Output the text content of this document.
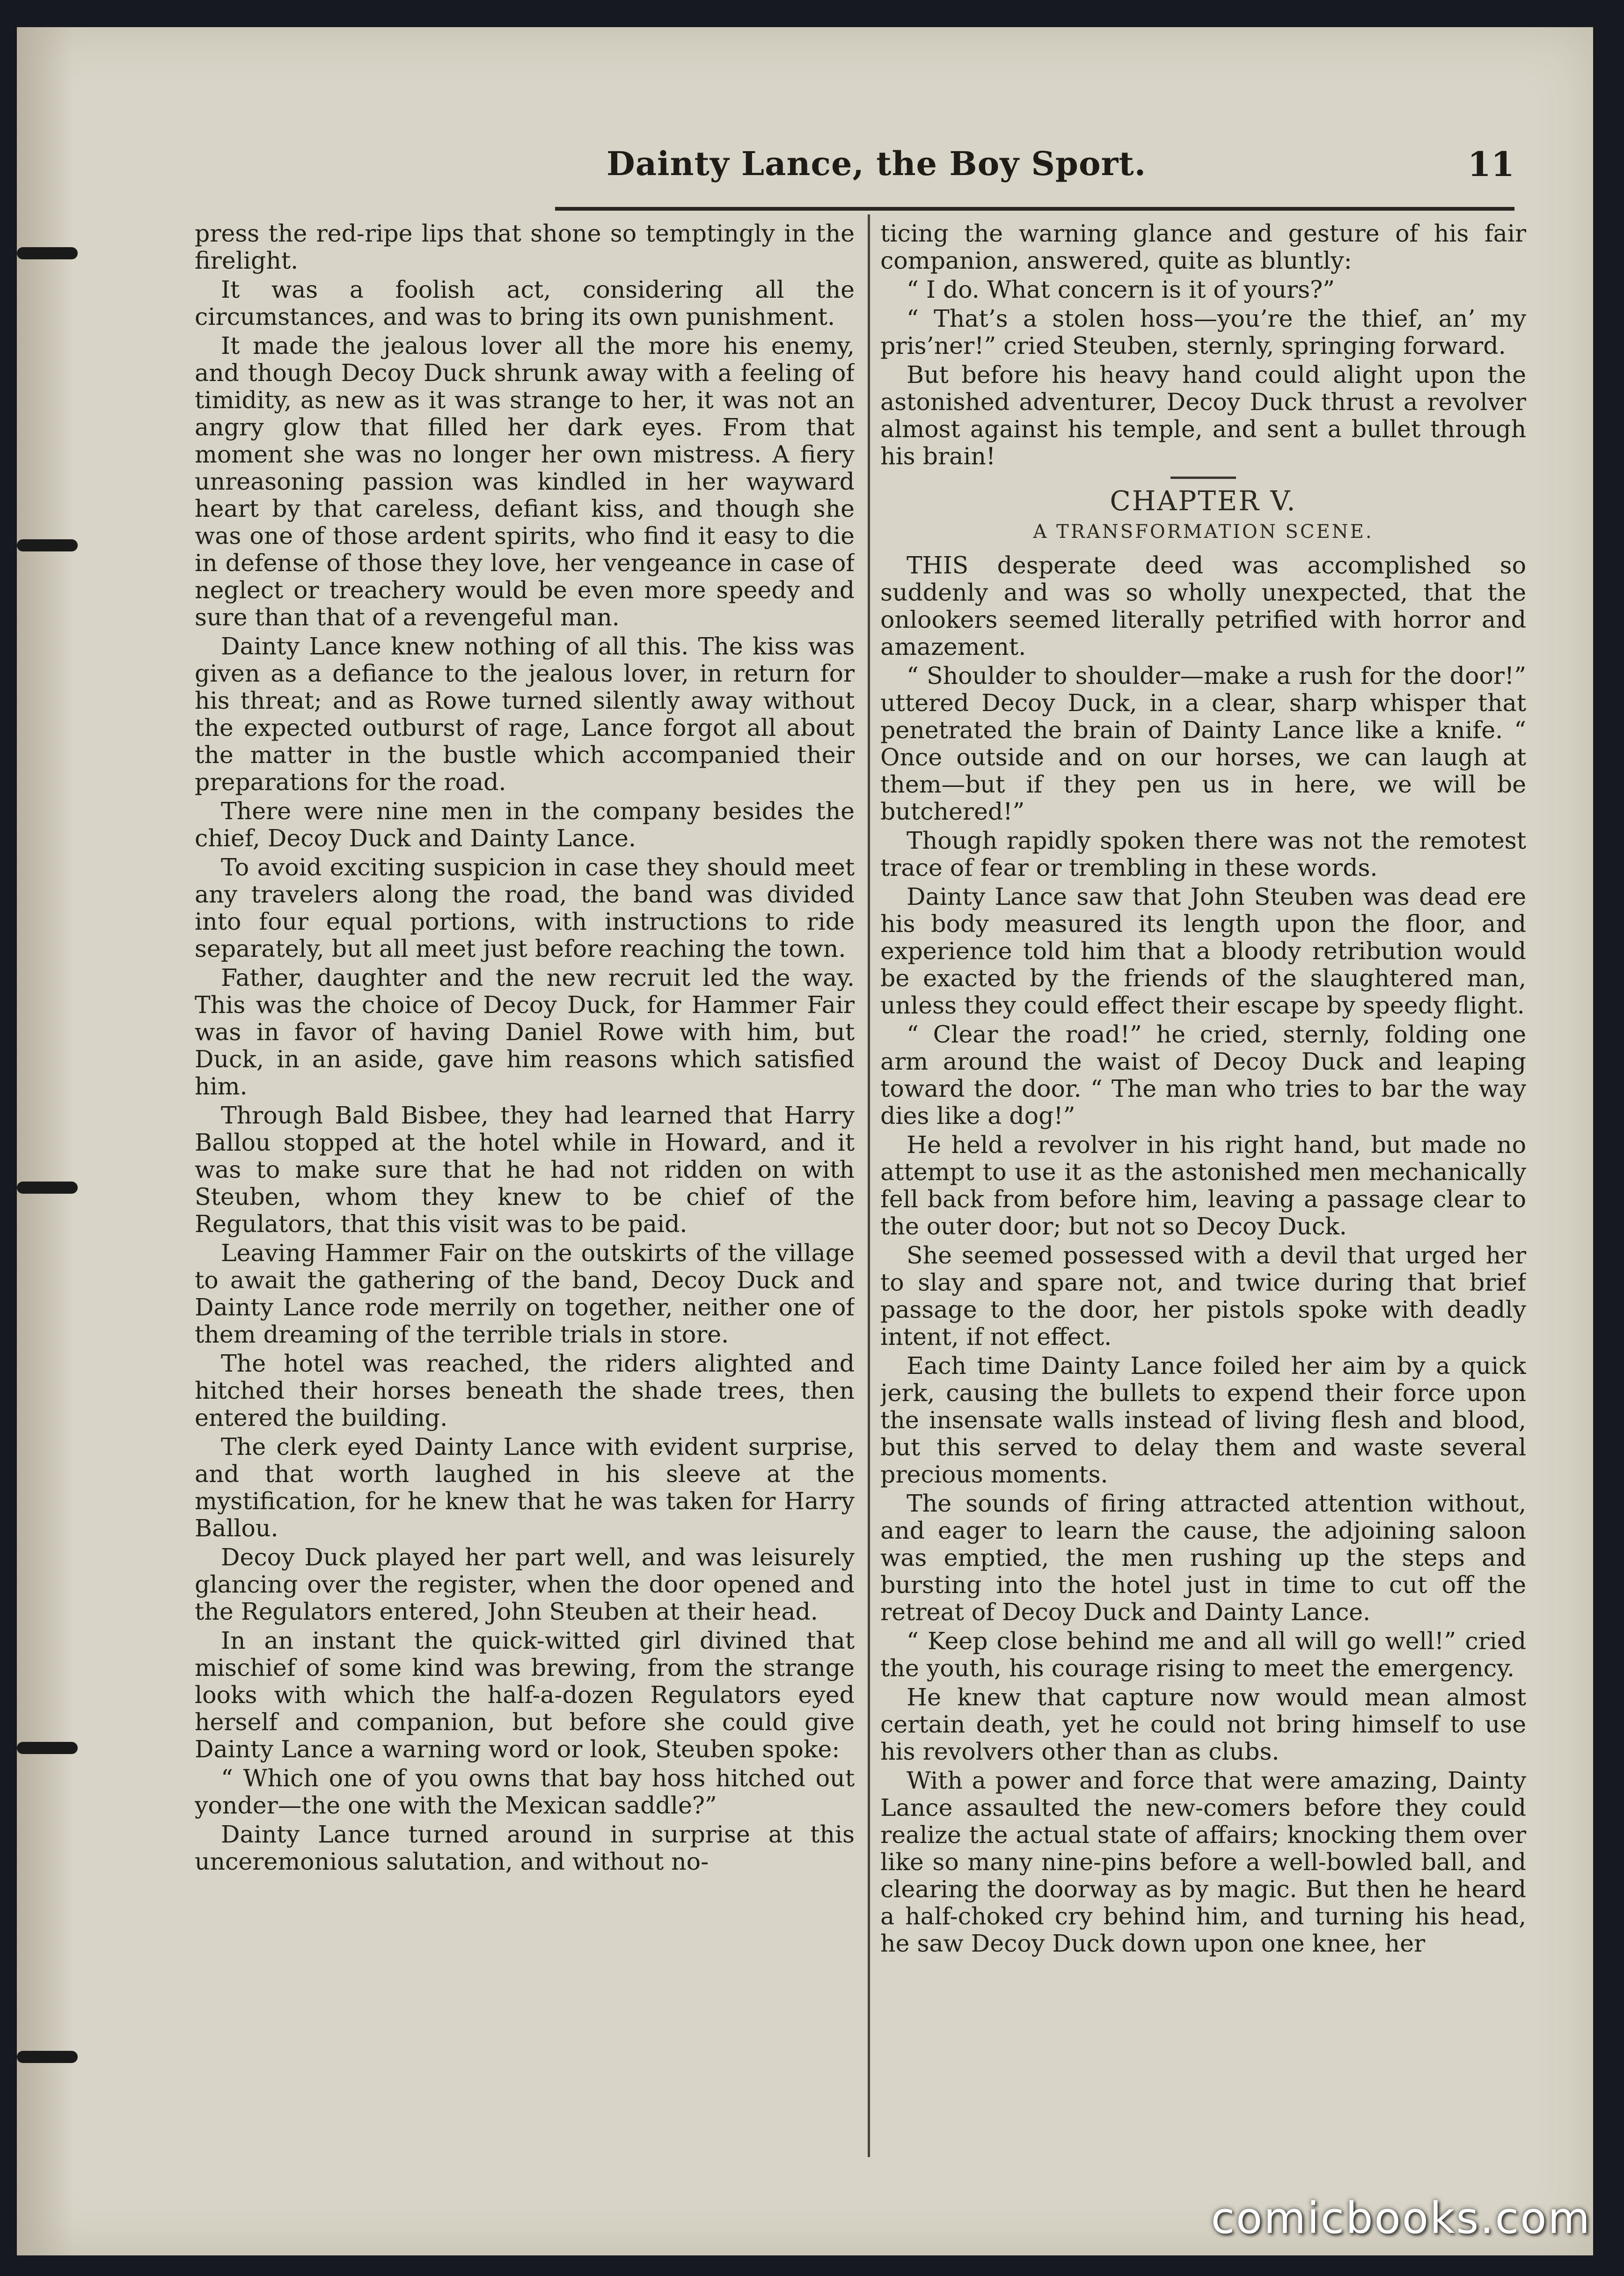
Dainty Lance, the Boy Sport.	11

press the red-ripe lips that shone so temptingly in the firelight.

It was a foolish act, considering all the circumstances, and was to bring its own punishment.

It made the jealous lover all the more his enemy, and though Decoy Duck shrunk away with a feeling of timidity, as new as it was strange to her, it was not an angry glow that filled her dark eyes. From that moment she was no longer her own mistress. A fiery unreasoning passion was kindled in her wayward heart by that careless, defiant kiss, and though she was one of those ardent spirits, who find it easy to die in defense of those they love, her vengeance in case of neglect or treachery would be even more speedy and sure than that of a revengeful man.

Dainty Lance knew nothing of all this. The kiss was given as a defiance to the jealous lover, in return for his threat; and as Rowe turned silently away without the expected outburst of rage, Lance forgot all about the matter in the bustle which accompanied their preparations for the road.

There were nine men in the company besides the chief, Decoy Duck and Dainty Lance.

To avoid exciting suspicion in case they should meet any travelers along the road, the band was divided into four equal portions, with instructions to ride separately, but all meet just before reaching the town.

Father, daughter and the new recruit led the way. This was the choice of Decoy Duck, for Hammer Fair was in favor of having Daniel Rowe with him, but Duck, in an aside, gave him reasons which satisfied him.

Through Bald Bisbee, they had learned that Harry Ballou stopped at the hotel while in Howard, and it was to make sure that he had not ridden on with Steuben, whom they knew to be chief of the Regulators, that this visit was to be paid.

Leaving Hammer Fair on the outskirts of the village to await the gathering of the band, Decoy Duck and Dainty Lance rode merrily on together, neither one of them dreaming of the terrible trials in store.

The hotel was reached, the riders alighted and hitched their horses beneath the shade trees, then entered the building.

The clerk eyed Dainty Lance with evident surprise, and that worth laughed in his sleeve at the mystification, for he knew that he was taken for Harry Ballou.

Decoy Duck played her part well, and was leisurely glancing over the register, when the door opened and the Regulators entered, John Steuben at their head.

In an instant the quick-witted girl divined that mischief of some kind was brewing, from the strange looks with which the half-a-dozen Regulators eyed herself and companion, but before she could give Dainty Lance a warning word or look, Steuben spoke:

“ Which one of you owns that bay hoss hitched out yonder—the one with the Mexican saddle?”

Dainty Lance turned around in surprise at this unceremonious salutation, and without no-

ticing the warning glance and gesture of his fair companion, answered, quite as bluntly:

“ I do. What concern is it of yours?”

“ That’s a stolen hoss—you’re the thief, an’ my pris’ner!” cried Steuben, sternly, springing forward.

But before his heavy hand could alight upon the astonished adventurer, Decoy Duck thrust a revolver almost against his temple, and sent a bullet through his brain!

CHAPTER V.
A TRANSFORMATION SCENE.

THIS desperate deed was accomplished so suddenly and was so wholly unexpected, that the onlookers seemed literally petrified with horror and amazement.

“ Shoulder to shoulder—make a rush for the door!” uttered Decoy Duck, in a clear, sharp whisper that penetrated the brain of Dainty Lance like a knife. “ Once outside and on our horses, we can laugh at them—but if they pen us in here, we will be butchered!”

Though rapidly spoken there was not the remotest trace of fear or trembling in these words.

Dainty Lance saw that John Steuben was dead ere his body measured its length upon the floor, and experience told him that a bloody retribution would be exacted by the friends of the slaughtered man, unless they could effect their escape by speedy flight.

“ Clear the road!” he cried, sternly, folding one arm around the waist of Decoy Duck and leaping toward the door. “ The man who tries to bar the way dies like a dog!”

He held a revolver in his right hand, but made no attempt to use it as the astonished men mechanically fell back from before him, leaving a passage clear to the outer door; but not so Decoy Duck.

She seemed possessed with a devil that urged her to slay and spare not, and twice during that brief passage to the door, her pistols spoke with deadly intent, if not effect.

Each time Dainty Lance foiled her aim by a quick jerk, causing the bullets to expend their force upon the insensate walls instead of living flesh and blood, but this served to delay them and waste several precious moments.

The sounds of firing attracted attention without, and eager to learn the cause, the adjoining saloon was emptied, the men rushing up the steps and bursting into the hotel just in time to cut off the retreat of Decoy Duck and Dainty Lance.

“ Keep close behind me and all will go well!” cried the youth, his courage rising to meet the emergency.

He knew that capture now would mean almost certain death, yet he could not bring himself to use his revolvers other than as clubs.

With a power and force that were amazing, Dainty Lance assaulted the new-comers before they could realize the actual state of affairs; knocking them over like so many nine-pins before a well-bowled ball, and clearing the doorway as by magic. But then he heard a half-choked cry behind him, and turning his head, he saw Decoy Duck down upon one knee, her

comicbooks.com
